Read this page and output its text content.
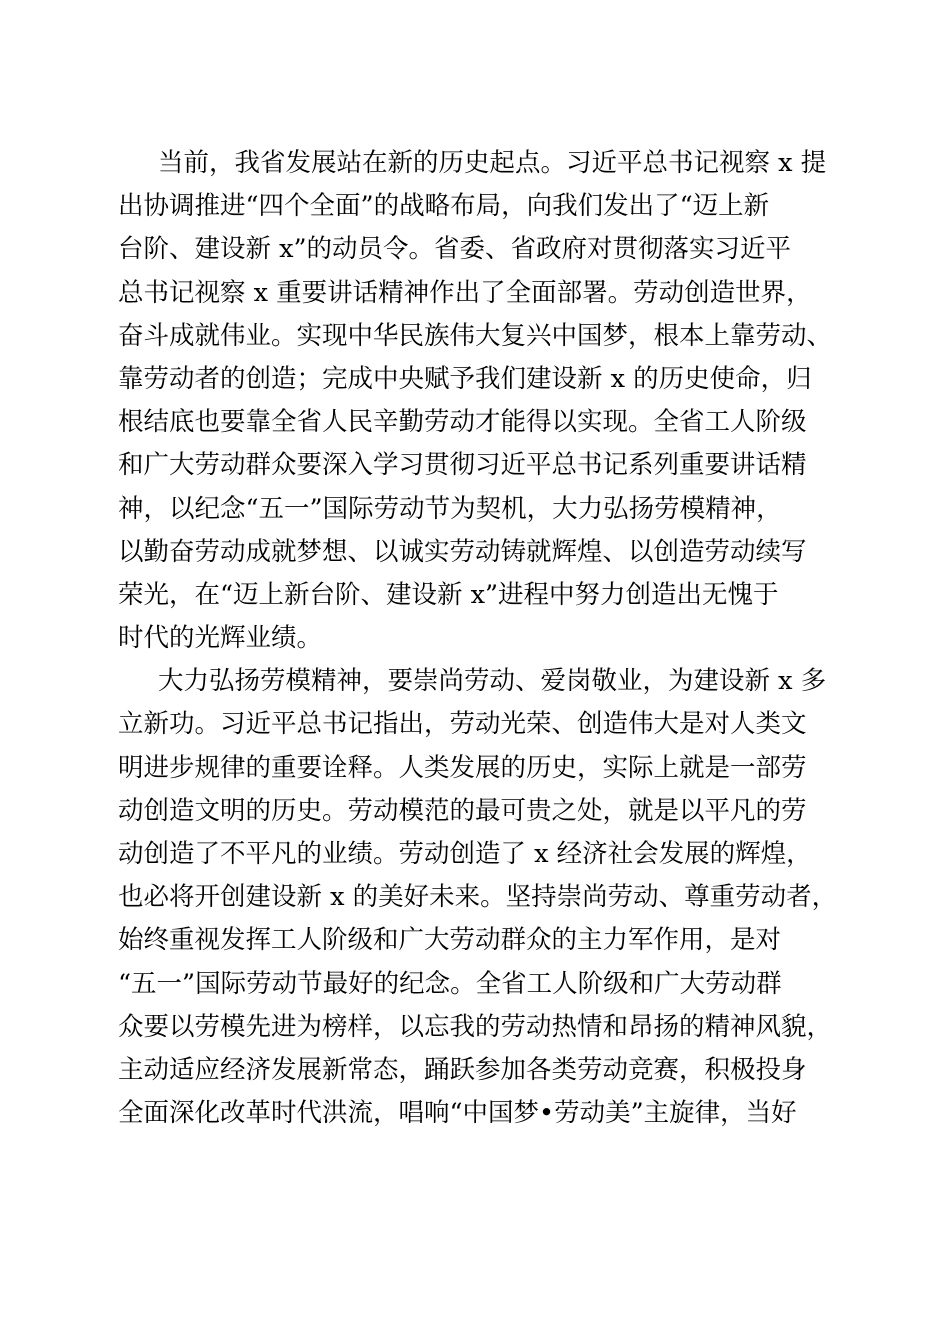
当前，我省发展站在新的历史起点。习近平总书记视察 x 提
出协调推进“四个全面”的战略布局，向我们发出了“迈上新
台阶、建设新 x”的动员令。省委、省政府对贯彻落实习近平
总书记视察 x 重要讲话精神作出了全面部署。劳动创造世界，
奋斗成就伟业。实现中华民族伟大复兴中国梦，根本上靠劳动、
靠劳动者的创造；完成中央赋予我们建设新 x 的历史使命，归
根结底也要靠全省人民辛勤劳动才能得以实现。全省工人阶级
和广大劳动群众要深入学习贯彻习近平总书记系列重要讲话精
神，以纪念“五一”国际劳动节为契机，大力弘扬劳模精神，
以勤奋劳动成就梦想、以诚实劳动铸就辉煌、以创造劳动续写
荣光，在“迈上新台阶、建设新 x”进程中努力创造出无愧于
时代的光辉业绩。
大力弘扬劳模精神，要崇尚劳动、爱岗敬业，为建设新 x 多
立新功。习近平总书记指出，劳动光荣、创造伟大是对人类文
明进步规律的重要诠释。人类发展的历史，实际上就是一部劳
动创造文明的历史。劳动模范的最可贵之处，就是以平凡的劳
动创造了不平凡的业绩。劳动创造了 x 经济社会发展的辉煌，
也必将开创建设新 x 的美好未来。坚持崇尚劳动、尊重劳动者，
始终重视发挥工人阶级和广大劳动群众的主力军作用，是对
“五一”国际劳动节最好的纪念。全省工人阶级和广大劳动群
众要以劳模先进为榜样，以忘我的劳动热情和昂扬的精神风貌，
主动适应经济发展新常态，踊跃参加各类劳动竞赛，积极投身
全面深化改革时代洪流，唱响“中国梦•劳动美”主旋律，当好
